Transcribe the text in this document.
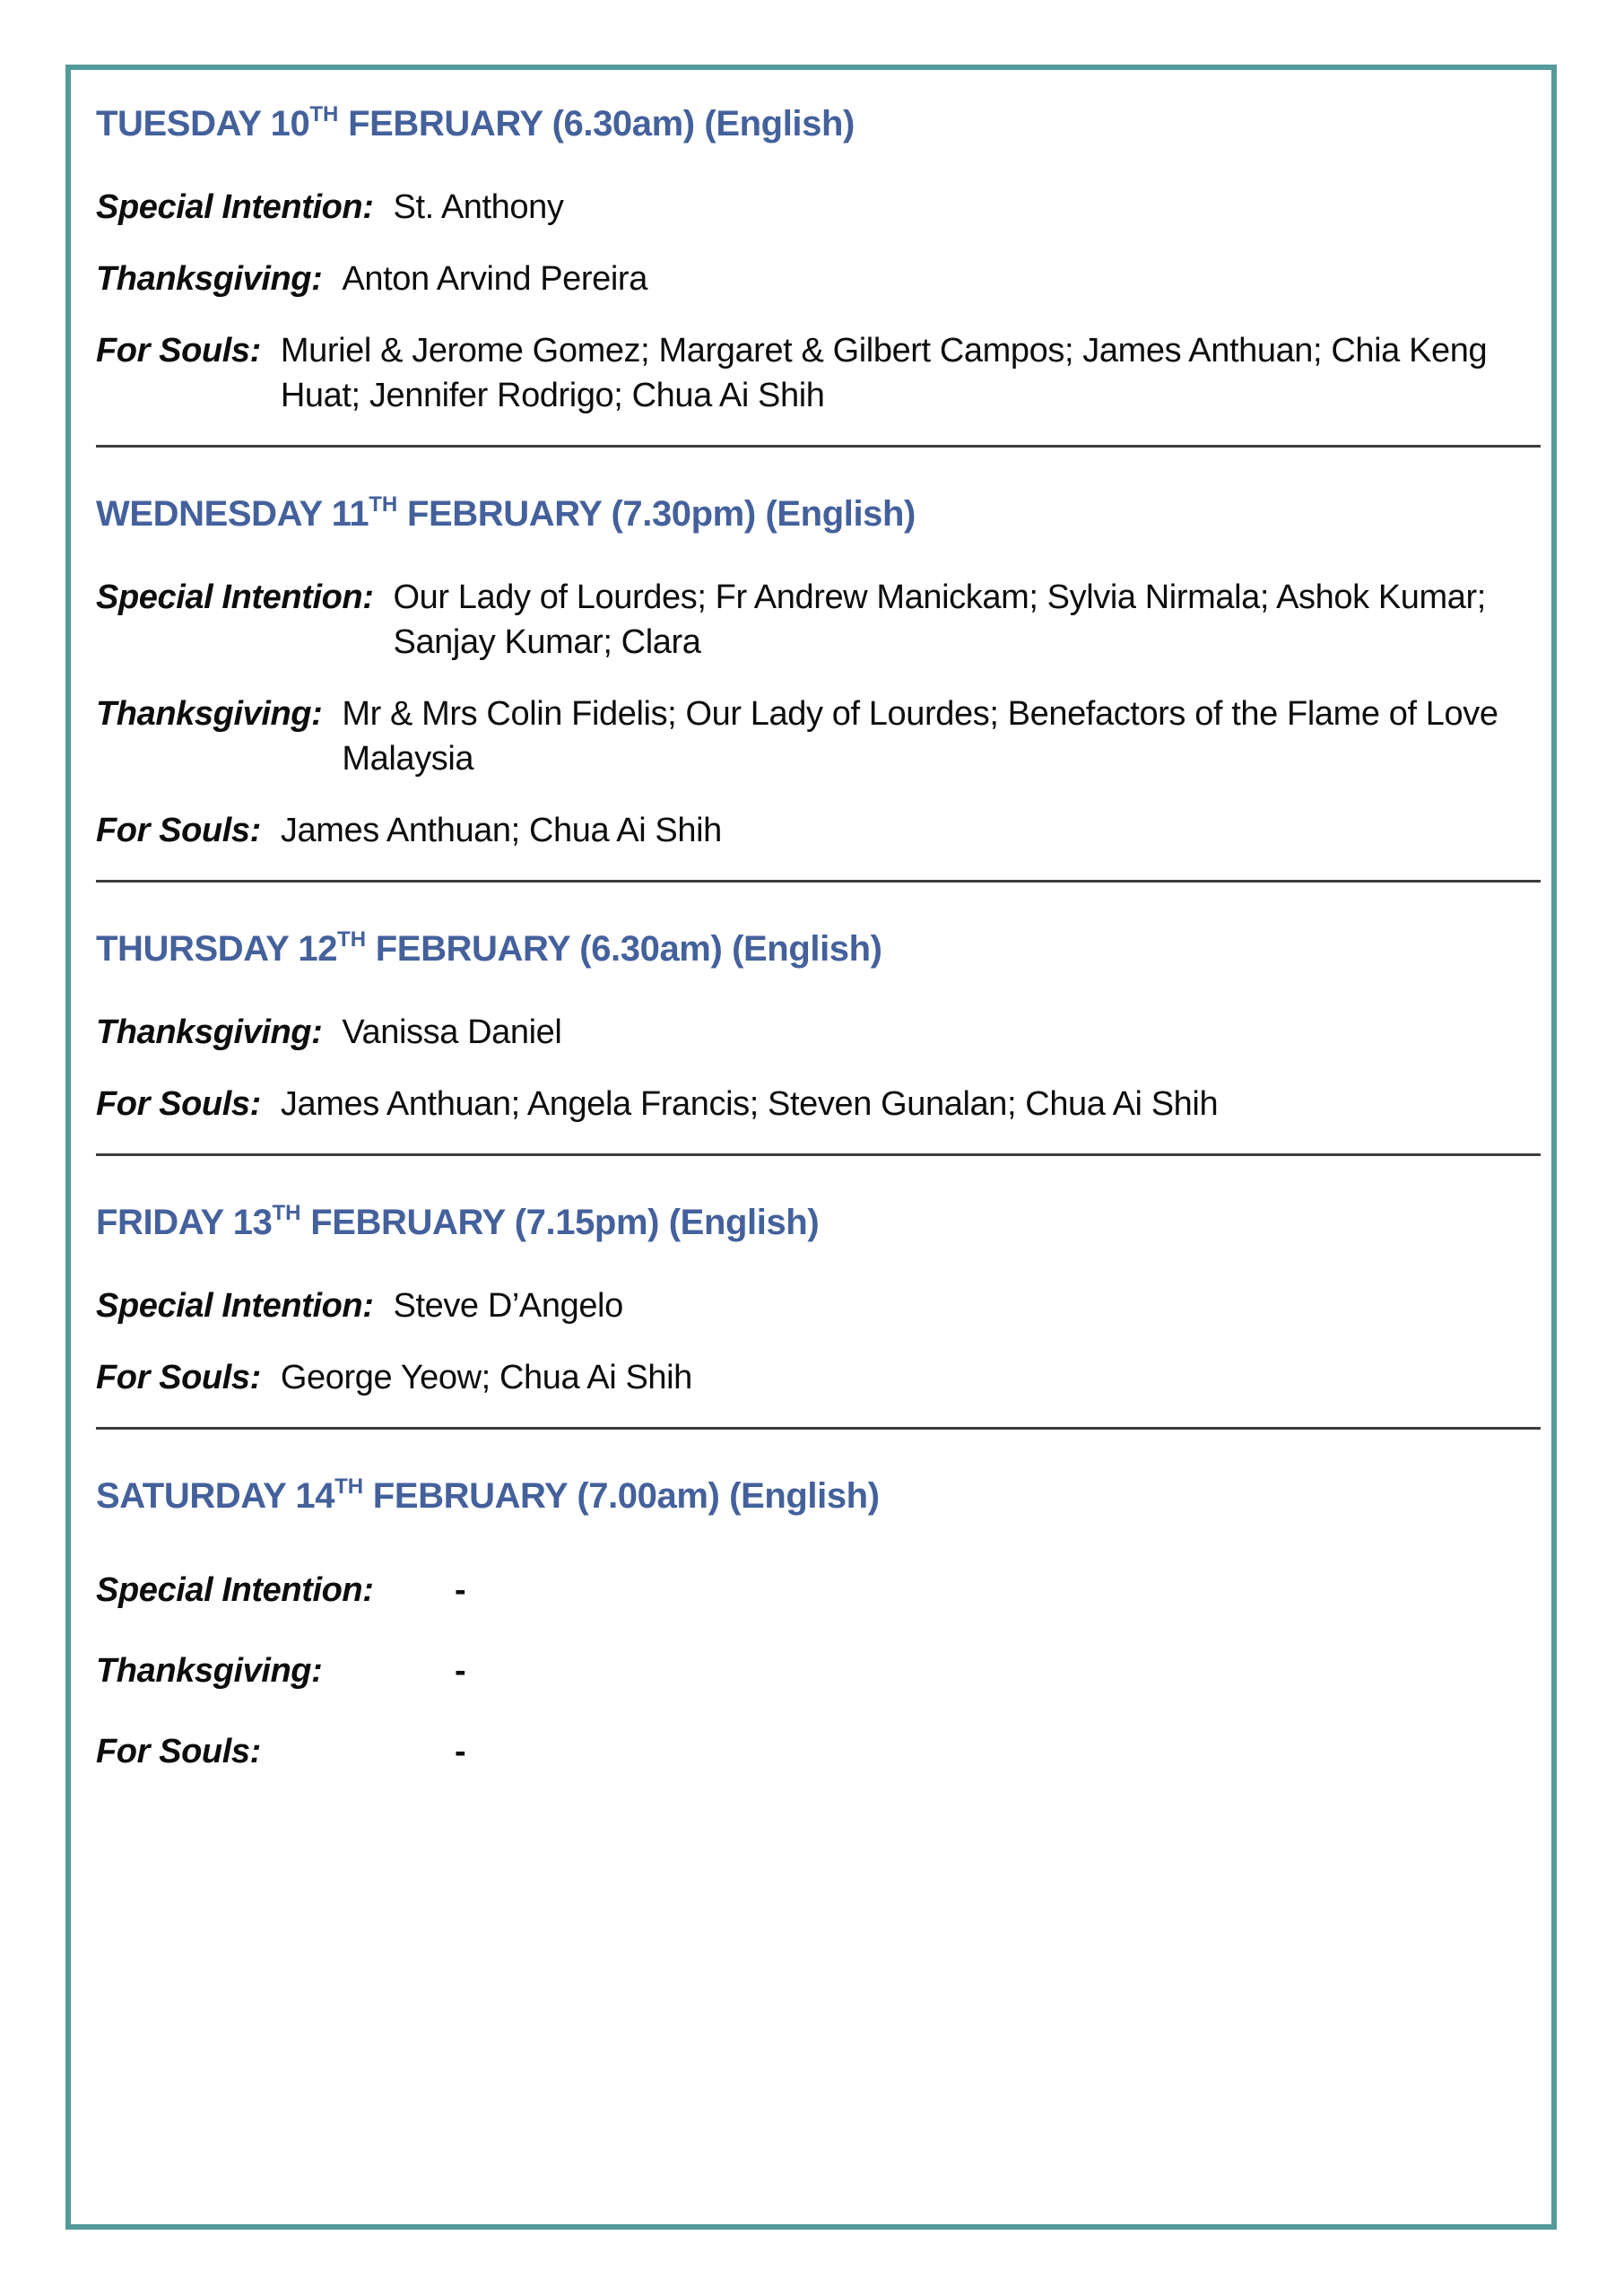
TUESDAY 10TH FEBRUARY (6.30am) (English)
Special Intention: St. Anthony
Thanksgiving: Anton Arvind Pereira
For Souls: Muriel & Jerome Gomez; Margaret & Gilbert Campos; James Anthuan; Chia Keng Huat; Jennifer Rodrigo; Chua Ai Shih
WEDNESDAY 11TH FEBRUARY (7.30pm) (English)
Special Intention: Our Lady of Lourdes; Fr Andrew Manickam; Sylvia Nirmala; Ashok Kumar; Sanjay Kumar; Clara
Thanksgiving: Mr & Mrs Colin Fidelis; Our Lady of Lourdes; Benefactors of the Flame of Love Malaysia
For Souls: James Anthuan; Chua Ai Shih
THURSDAY 12TH FEBRUARY (6.30am) (English)
Thanksgiving: Vanissa Daniel
For Souls: James Anthuan; Angela Francis; Steven Gunalan; Chua Ai Shih
FRIDAY 13TH FEBRUARY (7.15pm) (English)
Special Intention: Steve D’Angelo
For Souls: George Yeow; Chua Ai Shih
SATURDAY 14TH FEBRUARY (7.00am) (English)
Special Intention:	-
Thanksgiving:	-
For Souls:	-
